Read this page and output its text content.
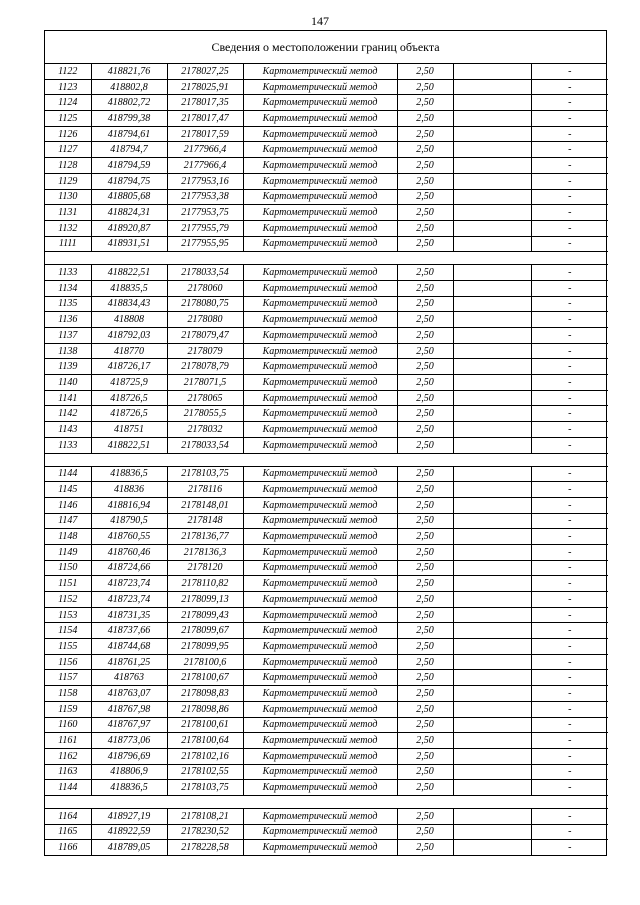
147
Сведения о местоположении границ объекта
1122	418821,76	2178027,25	Картометрический метод	2,50		-
1123	418802,8	2178025,91	Картометрический метод	2,50		-
1124	418802,72	2178017,35	Картометрический метод	2,50		-
1125	418799,38	2178017,47	Картометрический метод	2,50		-
1126	418794,61	2178017,59	Картометрический метод	2,50		-
1127	418794,7	2177966,4	Картометрический метод	2,50		-
1128	418794,59	2177966,4	Картометрический метод	2,50		-
1129	418794,75	2177953,16	Картометрический метод	2,50		-
1130	418805,68	2177953,38	Картометрический метод	2,50		-
1131	418824,31	2177953,75	Картометрический метод	2,50		-
1132	418920,87	2177955,79	Картометрический метод	2,50		-
1111	418931,51	2177955,95	Картометрический метод	2,50		-

1133	418822,51	2178033,54	Картометрический метод	2,50		-
1134	418835,5	2178060	Картометрический метод	2,50		-
1135	418834,43	2178080,75	Картометрический метод	2,50		-
1136	418808	2178080	Картометрический метод	2,50		-
1137	418792,03	2178079,47	Картометрический метод	2,50		-
1138	418770	2178079	Картометрический метод	2,50		-
1139	418726,17	2178078,79	Картометрический метод	2,50		-
1140	418725,9	2178071,5	Картометрический метод	2,50		-
1141	418726,5	2178065	Картометрический метод	2,50		-
1142	418726,5	2178055,5	Картометрический метод	2,50		-
1143	418751	2178032	Картометрический метод	2,50		-
1133	418822,51	2178033,54	Картометрический метод	2,50		-

1144	418836,5	2178103,75	Картометрический метод	2,50		-
1145	418836	2178116	Картометрический метод	2,50		-
1146	418816,94	2178148,01	Картометрический метод	2,50		-
1147	418790,5	2178148	Картометрический метод	2,50		-
1148	418760,55	2178136,77	Картометрический метод	2,50		-
1149	418760,46	2178136,3	Картометрический метод	2,50		-
1150	418724,66	2178120	Картометрический метод	2,50		-
1151	418723,74	2178110,82	Картометрический метод	2,50		-
1152	418723,74	2178099,13	Картометрический метод	2,50		-
1153	418731,35	2178099,43	Картометрический метод	2,50		-
1154	418737,66	2178099,67	Картометрический метод	2,50		-
1155	418744,68	2178099,95	Картометрический метод	2,50		-
1156	418761,25	2178100,6	Картометрический метод	2,50		-
1157	418763	2178100,67	Картометрический метод	2,50		-
1158	418763,07	2178098,83	Картометрический метод	2,50		-
1159	418767,98	2178098,86	Картометрический метод	2,50		-
1160	418767,97	2178100,61	Картометрический метод	2,50		-
1161	418773,06	2178100,64	Картометрический метод	2,50		-
1162	418796,69	2178102,16	Картометрический метод	2,50		-
1163	418806,9	2178102,55	Картометрический метод	2,50		-
1144	418836,5	2178103,75	Картометрический метод	2,50		-

1164	418927,19	2178108,21	Картометрический метод	2,50		-
1165	418922,59	2178230,52	Картометрический метод	2,50		-
1166	418789,05	2178228,58	Картометрический метод	2,50		-
